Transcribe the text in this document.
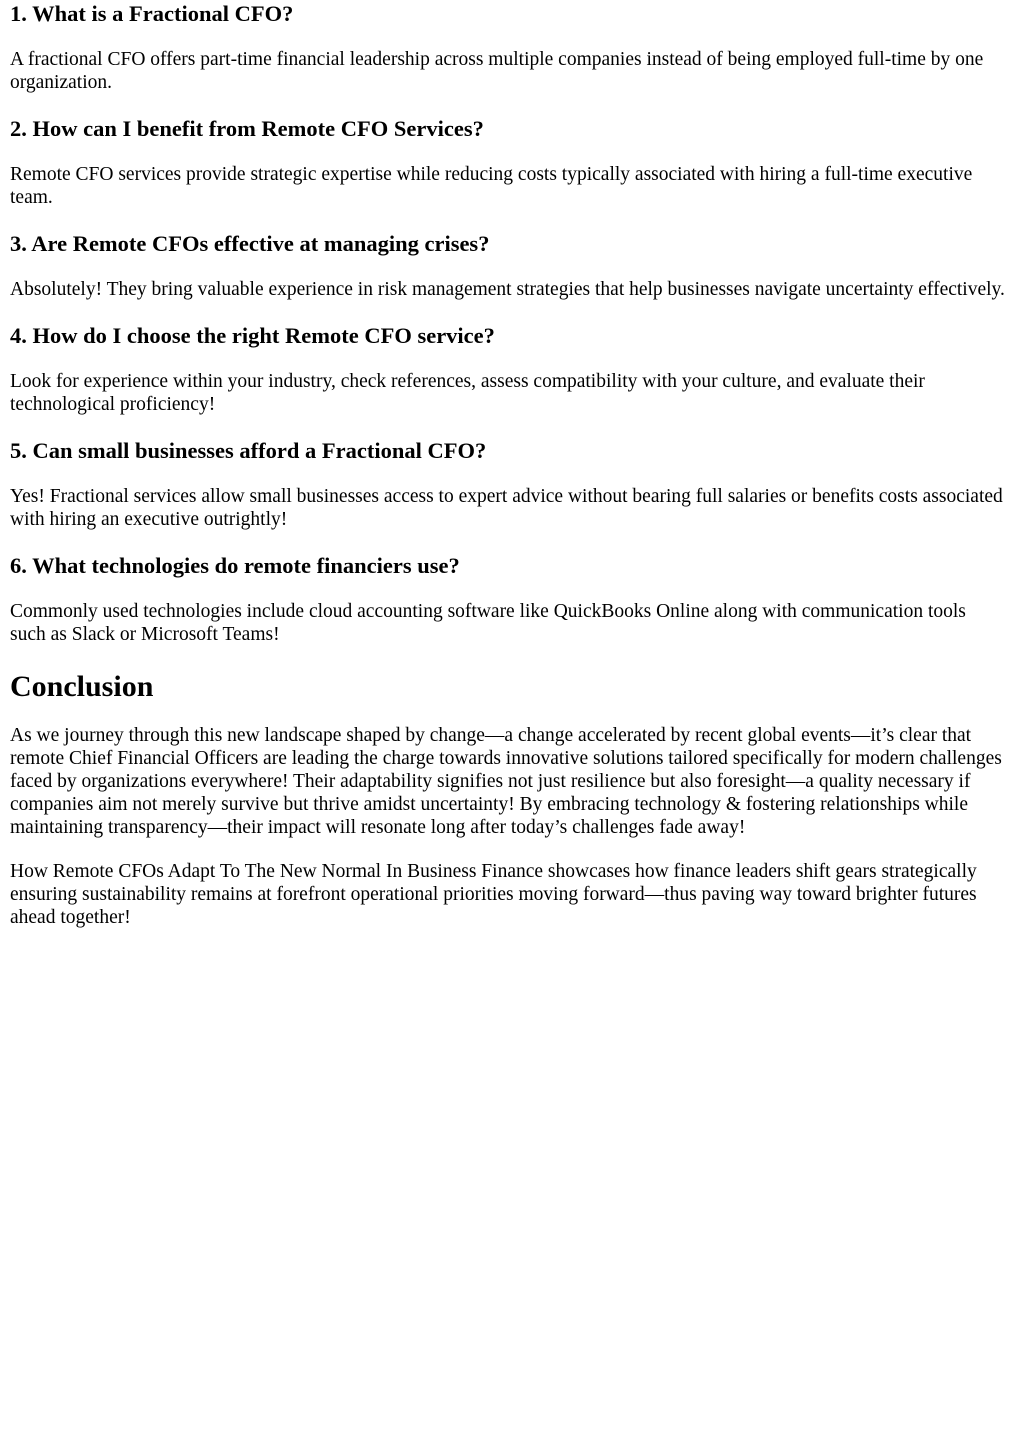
1. What is a Fractional CFO?

A fractional CFO offers part-time financial leadership across multiple companies instead of being employed full-time by one organization.

2. How can I benefit from Remote CFO Services?

Remote CFO services provide strategic expertise while reducing costs typically associated with hiring a full-time executive team.

3. Are Remote CFOs effective at managing crises?

Absolutely! They bring valuable experience in risk management strategies that help businesses navigate uncertainty effectively.

4. How do I choose the right Remote CFO service?

Look for experience within your industry, check references, assess compatibility with your culture, and evaluate their technological proficiency!

5. Can small businesses afford a Fractional CFO?

Yes! Fractional services allow small businesses access to expert advice without bearing full salaries or benefits costs associated with hiring an executive outrightly!

6. What technologies do remote financiers use?

Commonly used technologies include cloud accounting software like QuickBooks Online along with communication tools such as Slack or Microsoft Teams!

Conclusion

As we journey through this new landscape shaped by change—a change accelerated by recent global events—it’s clear that remote Chief Financial Officers are leading the charge towards innovative solutions tailored specifically for modern challenges faced by organizations everywhere! Their adaptability signifies not just resilience but also foresight—a quality necessary if companies aim not merely survive but thrive amidst uncertainty! By embracing technology & fostering relationships while maintaining transparency—their impact will resonate long after today’s challenges fade away!

How Remote CFOs Adapt To The New Normal In Business Finance showcases how finance leaders shift gears strategically ensuring sustainability remains at forefront operational priorities moving forward—thus paving way toward brighter futures ahead together!
